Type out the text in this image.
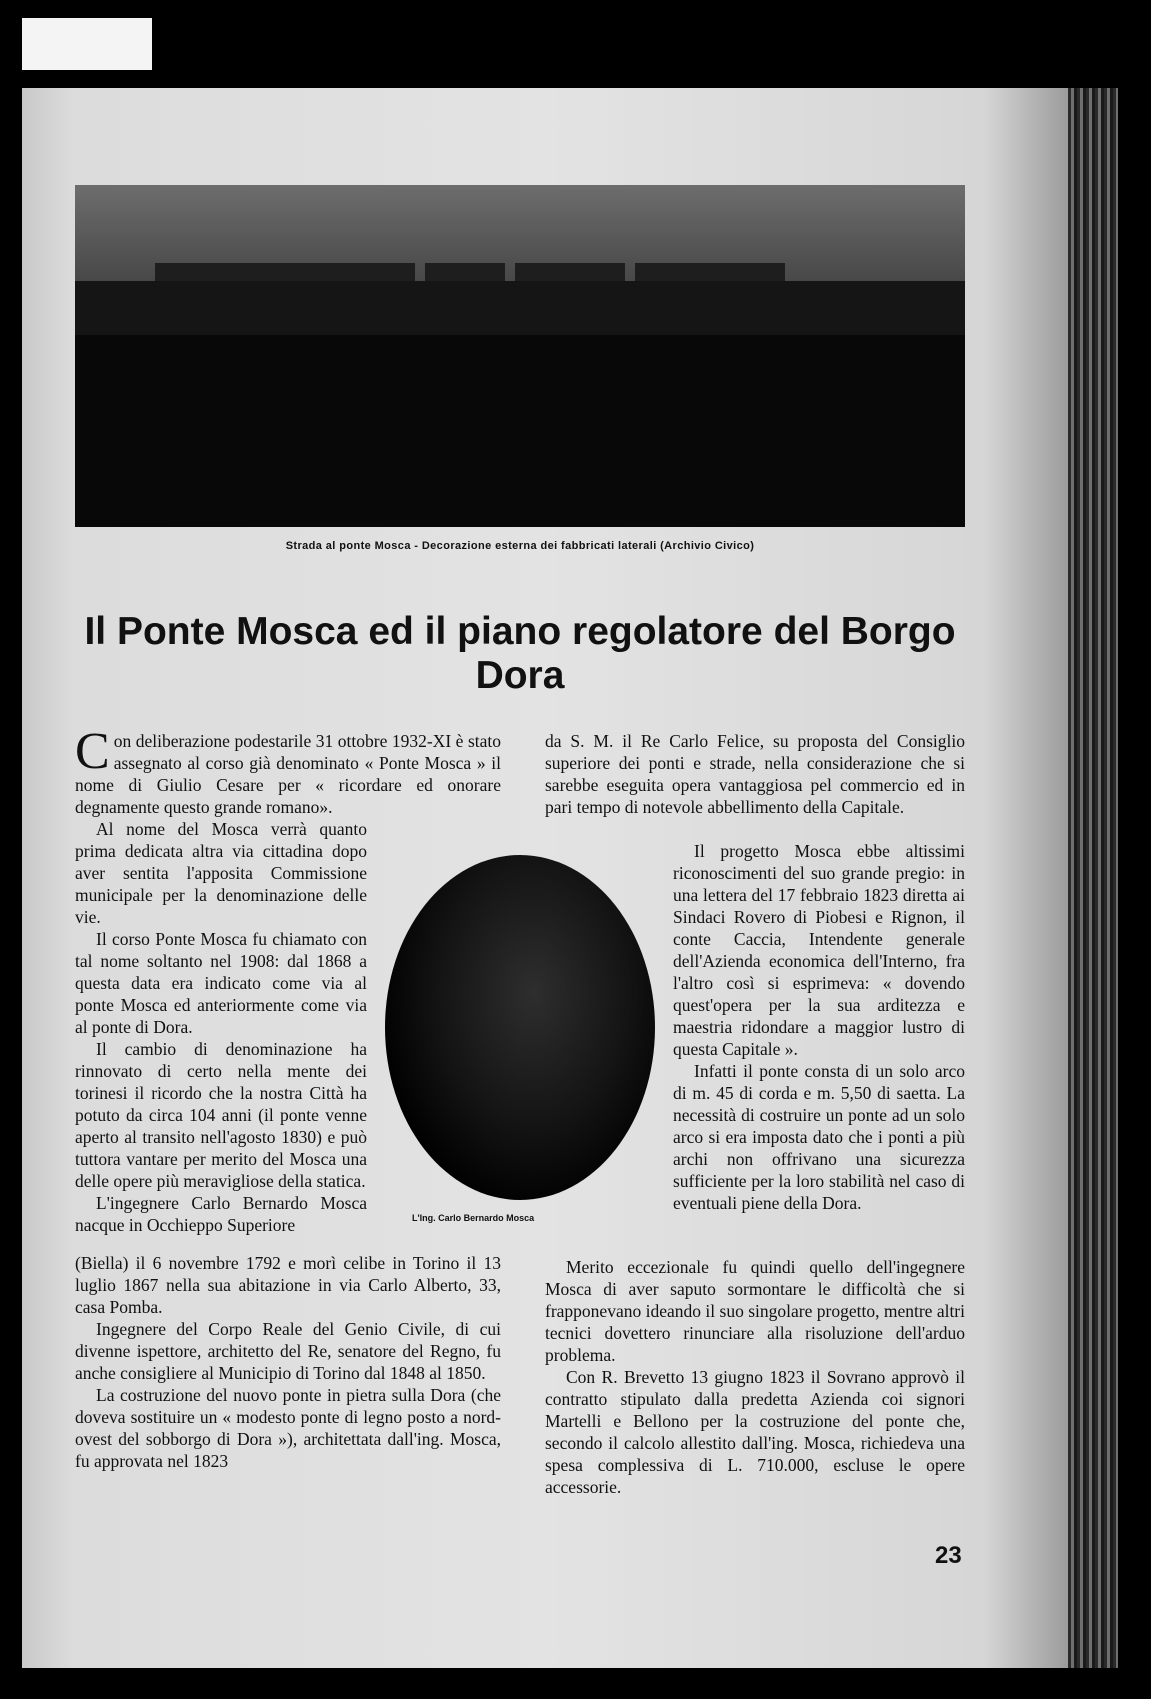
Strada al ponte Mosca - Decorazione esterna dei fabbricati laterali (Archivio Civico)
Il Ponte Mosca ed il piano regolatore del Borgo Dora

Con deliberazione podestarile 31 ottobre 1932-XI è stato assegnato al corso già denominato « Ponte Mosca » il nome di Giulio Cesare per « ricordare ed onorare degnamente questo grande romano».

Al nome del Mosca verrà quanto prima dedicata altra via cittadina dopo aver sentita l'apposita Commissione municipale per la denominazione delle vie.

Il corso Ponte Mosca fu chiamato con tal nome soltanto nel 1908: dal 1868 a questa data era indicato come via al ponte Mosca ed anteriormente come via al ponte di Dora.

Il cambio di denominazione ha rinnovato di certo nella mente dei torinesi il ricordo che la nostra Città ha potuto da circa 104 anni (il ponte venne aperto al transito nell'agosto 1830) e può tuttora vantare per merito del Mosca una delle opere più meravigliose della statica.

L'ingegnere Carlo Bernardo Mosca nacque in Occhieppo Superiore

(Biella) il 6 novembre 1792 e morì celibe in Torino il 13 luglio 1867 nella sua abitazione in via Carlo Alberto, 33, casa Pomba.

Ingegnere del Corpo Reale del Genio Civile, di cui divenne ispettore, architetto del Re, senatore del Regno, fu anche consigliere al Municipio di Torino dal 1848 al 1850.

La costruzione del nuovo ponte in pietra sulla Dora (che doveva sostituire un « modesto ponte di legno posto a nord-ovest del sobborgo di Dora »), architettata dall'ing. Mosca, fu approvata nel 1823

da S. M. il Re Carlo Felice, su proposta del Consiglio superiore dei ponti e strade, nella considerazione che si sarebbe eseguita opera vantaggiosa pel commercio ed in pari tempo di notevole abbellimento della Capitale.

Il progetto Mosca ebbe altissimi riconoscimenti del suo grande pregio: in una lettera del 17 febbraio 1823 diretta ai Sindaci Rovero di Piobesi e Rignon, il conte Caccia, Intendente generale dell'Azienda economica dell'Interno, fra l'altro così si esprimeva: « dovendo quest'opera per la sua arditezza e maestria ridondare a maggior lustro di questa Capitale ».

Infatti il ponte consta di un solo arco di m. 45 di corda e m. 5,50 di saetta. La necessità di costruire un ponte ad un solo arco si era imposta dato che i ponti a più archi non offrivano una sicurezza sufficiente per la loro stabilità nel caso di eventuali piene della Dora.

Merito eccezionale fu quindi quello dell'ingegnere Mosca di aver saputo sormontare le difficoltà che si frapponevano ideando il suo singolare progetto, mentre altri tecnici dovettero rinunciare alla risoluzione dell'arduo problema.

Con R. Brevetto 13 giugno 1823 il Sovrano approvò il contratto stipulato dalla predetta Azienda coi signori Martelli e Bellono per la costruzione del ponte che, secondo il calcolo allestito dall'ing. Mosca, richiedeva una spesa complessiva di L. 710.000, escluse le opere accessorie.

L'Ing. Carlo Bernardo Mosca
23
